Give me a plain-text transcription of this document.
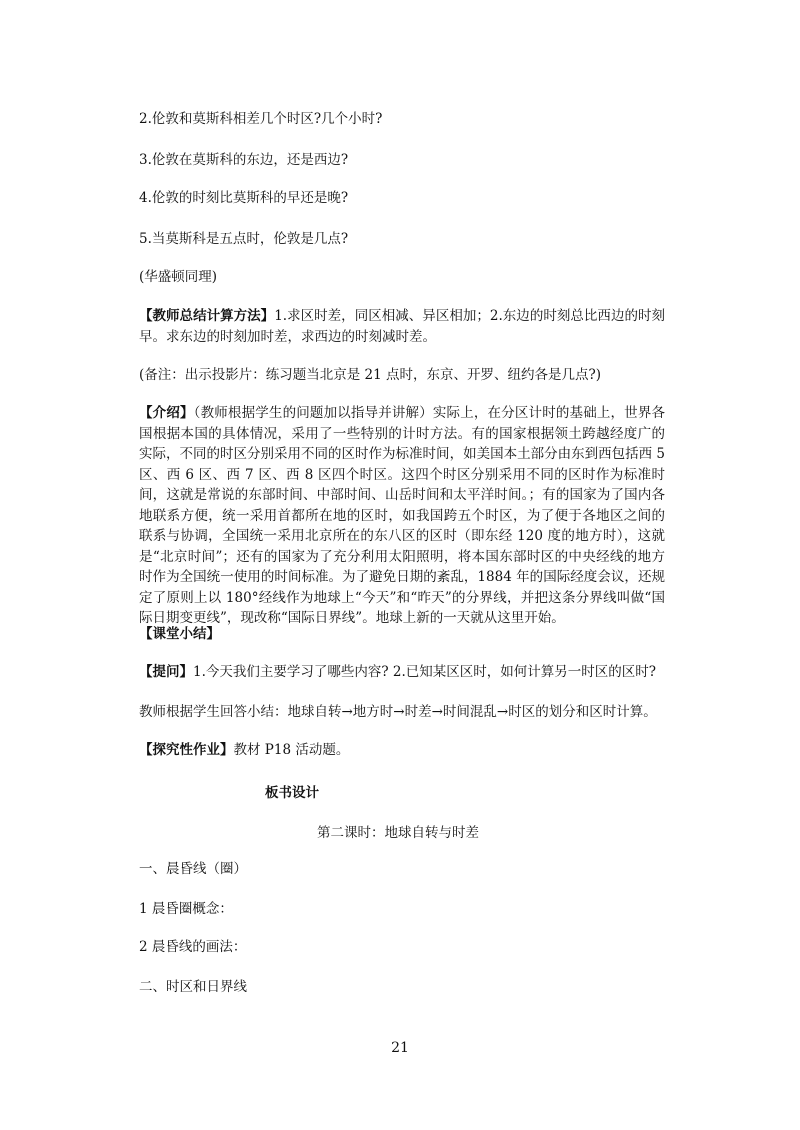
2.伦敦和莫斯科相差几个时区?几个小时?
3.伦敦在莫斯科的东边，还是西边?
4.伦敦的时刻比莫斯科的早还是晚?
5.当莫斯科是五点时，伦敦是几点?
(华盛顿同理)
【教师总结计算方法】1.求区时差，同区相减、异区相加；2.东边的时刻总比西边的时刻早。求东边的时刻加时差，求西边的时刻减时差。
(备注：出示投影片：练习题当北京是 21 点时，东京、开罗、纽约各是几点?)
【介绍】（教师根据学生的问题加以指导并讲解）实际上，在分区计时的基础上，世界各国根据本国的具体情况，采用了一些特别的计时方法。有的国家根据领土跨越经度广的实际，不同的时区分别采用不同的区时作为标准时间，如美国本土部分由东到西包括西 5 区、西 6 区、西 7 区、西 8 区四个时区。这四个时区分别采用不同的区时作为标准时间，这就是常说的东部时间、中部时间、山岳时间和太平洋时间。；有的国家为了国内各地联系方便，统一采用首都所在地的区时，如我国跨五个时区，为了便于各地区之间的联系与协调，全国统一采用北京所在的东八区的区时（即东经 120 度的地方时），这就是“北京时间”；还有的国家为了充分利用太阳照明，将本国东部时区的中央经线的地方时作为全国统一使用的时间标准。为了避免日期的紊乱，1884 年的国际经度会议，还规定了原则上以 180°经线作为地球上“今天”和“昨天”的分界线，并把这条分界线叫做“国际日期变更线”，现改称“国际日界线”。地球上新的一天就从这里开始。
【课堂小结】
【提问】1.今天我们主要学习了哪些内容? 2.已知某区区时，如何计算另一时区的区时?
教师根据学生回答小结：地球自转→地方时→时差→时间混乱→时区的划分和区时计算。
【探究性作业】教材 P18 活动题。
板书设计
第二课时：地球自转与时差
一、晨昏线（圈）
1 晨昏圈概念：
2 晨昏线的画法：
二、时区和日界线
21
